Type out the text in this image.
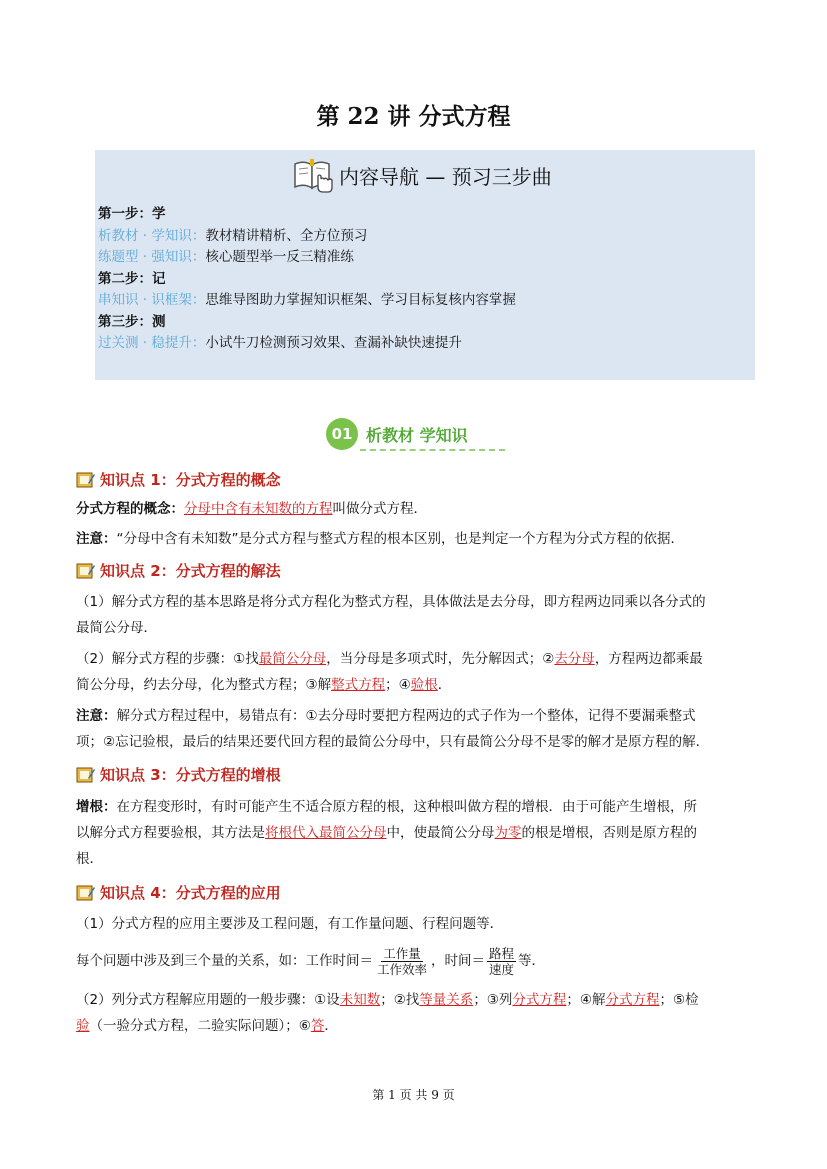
第 22 讲 分式方程
内容导航 — 预习三步曲
第一步：学
析教材 · 学知识：教材精讲精析、全方位预习
练题型 · 强知识：核心题型举一反三精准练
第二步：记
串知识 · 识框架：思维导图助力掌握知识框架、学习目标复核内容掌握
第三步：测
过关测 · 稳提升：小试牛刀检测预习效果、查漏补缺快速提升
01 析教材 学知识
知识点 1：分式方程的概念
分式方程的概念：分母中含有未知数的方程叫做分式方程．
注意：“分母中含有未知数”是分式方程与整式方程的根本区别，也是判定一个方程为分式方程的依据．
知识点 2：分式方程的解法
（1）解分式方程的基本思路是将分式方程化为整式方程，具体做法是去分母，即方程两边同乘以各分式的
最简公分母．
（2）解分式方程的步骤：①找最简公分母，当分母是多项式时，先分解因式；②去分母，方程两边都乘最
简公分母，约去分母，化为整式方程；③解整式方程；④验根．
注意：解分式方程过程中，易错点有：①去分母时要把方程两边的式子作为一个整体，记得不要漏乘整式
项；②忘记验根，最后的结果还要代回方程的最简公分母中，只有最简公分母不是零的解才是原方程的解．
知识点 3：分式方程的增根
增根：在方程变形时，有时可能产生不适合原方程的根，这种根叫做方程的增根．由于可能产生增根，所
以解分式方程要验根，其方法是将根代入最简公分母中，使最简公分母为零的根是增根，否则是原方程的
根．
知识点 4：分式方程的应用
（1）分式方程的应用主要涉及工程问题，有工作量问题、行程问题等．
每个问题中涉及到三个量的关系，如：工作时间＝ $\frac{\text{工作量}}{\text{工作效率}}$ ，时间＝ $\frac{\text{路程}}{\text{速度}}$ 等．
（2）列分式方程解应用题的一般步骤：①设未知数；②找等量关系；③列分式方程；④解分式方程；⑤检
验（一验分式方程，二验实际问题）；⑥答．
第 1 页 共 9 页
